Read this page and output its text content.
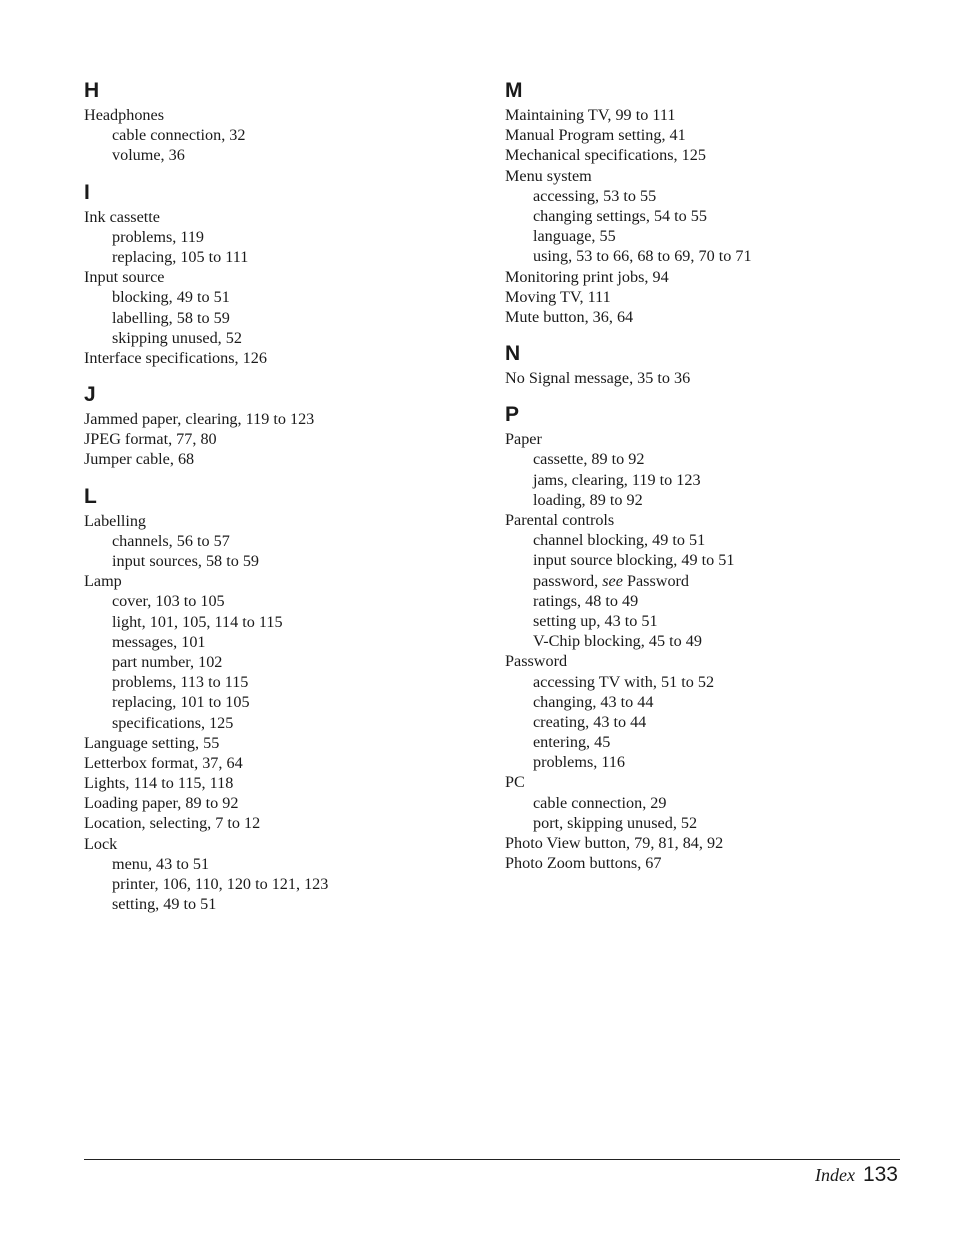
H
Headphones
cable connection, 32
volume, 36
I
Ink cassette
problems, 119
replacing, 105 to 111
Input source
blocking, 49 to 51
labelling, 58 to 59
skipping unused, 52
Interface specifications, 126
J
Jammed paper, clearing, 119 to 123
JPEG format, 77, 80
Jumper cable, 68
L
Labelling
channels, 56 to 57
input sources, 58 to 59
Lamp
cover, 103 to 105
light, 101, 105, 114 to 115
messages, 101
part number, 102
problems, 113 to 115
replacing, 101 to 105
specifications, 125
Language setting, 55
Letterbox format, 37, 64
Lights, 114 to 115, 118
Loading paper, 89 to 92
Location, selecting, 7 to 12
Lock
menu, 43 to 51
printer, 106, 110, 120 to 121, 123
setting, 49 to 51
M
Maintaining TV, 99 to 111
Manual Program setting, 41
Mechanical specifications, 125
Menu system
accessing, 53 to 55
changing settings, 54 to 55
language, 55
using, 53 to 66, 68 to 69, 70 to 71
Monitoring print jobs, 94
Moving TV, 111
Mute button, 36, 64
N
No Signal message, 35 to 36
P
Paper
cassette, 89 to 92
jams, clearing, 119 to 123
loading, 89 to 92
Parental controls
channel blocking, 49 to 51
input source blocking, 49 to 51
password, see Password
ratings, 48 to 49
setting up, 43 to 51
V-Chip blocking, 45 to 49
Password
accessing TV with, 51 to 52
changing, 43 to 44
creating, 43 to 44
entering, 45
problems, 116
PC
cable connection, 29
port, skipping unused, 52
Photo View button, 79, 81, 84, 92
Photo Zoom buttons, 67
Index 133
